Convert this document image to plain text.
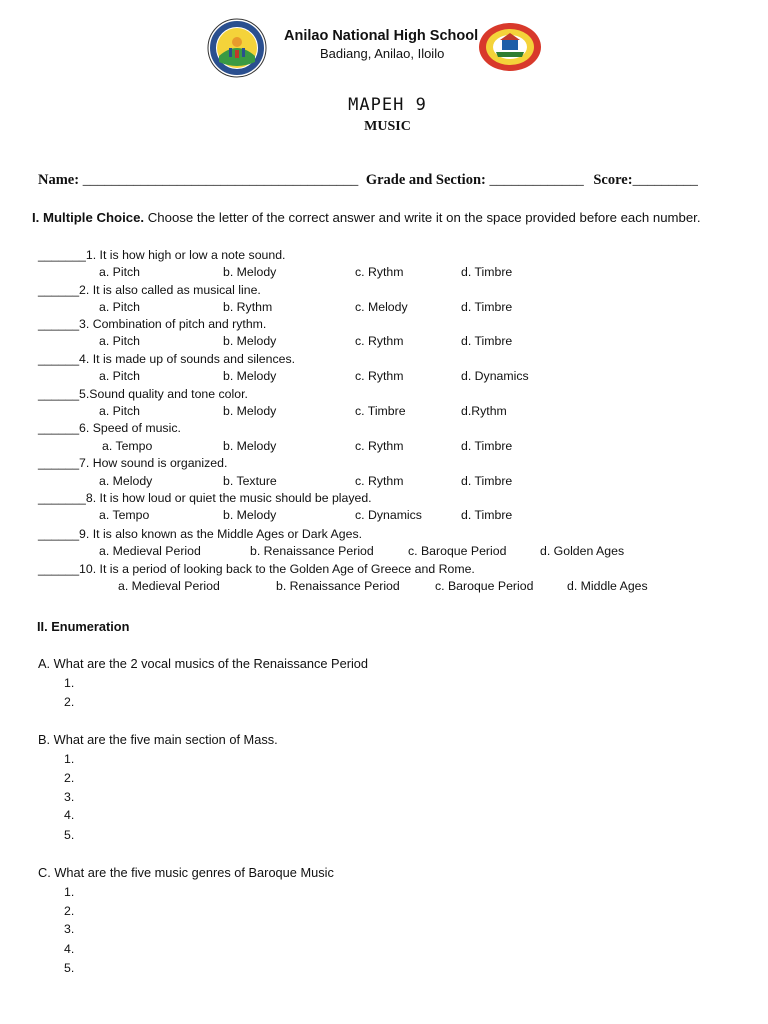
Anilao National High School
Badiang, Anilao, Iloilo
MAPEH 9
MUSIC
Name: ______________________________________ Grade and Section: _____________ Score:_________
I. Multiple Choice. Choose the letter of the correct answer and write it on the space provided before each number.
_______1. It is how high or low a note sound.
a. Pitch	b. Melody	c. Rythm	d. Timbre
______2. It is also called as musical line.
a. Pitch	b. Rythm	c. Melody	d. Timbre
______3. Combination of pitch and rythm.
a. Pitch	b. Melody	c. Rythm	d. Timbre
______4. It is made up of sounds and silences.
a. Pitch	b. Melody	c. Rythm	d. Dynamics
______5.Sound quality and tone color.
a. Pitch	b. Melody	c. Timbre	d.Rythm
______6. Speed of music.
a. Tempo	b. Melody	c. Rythm	d. Timbre
______7. How sound is organized.
a. Melody	b. Texture	c. Rythm	d. Timbre
_______8. It is how loud or quiet the music should be played.
a. Tempo	b. Melody	c. Dynamics	d. Timbre
______9. It is also known as the Middle Ages or Dark Ages.
a. Medieval Period	b. Renaissance Period	c. Baroque Period	d. Golden Ages
______10. It is a period of looking back to the Golden Age of Greece and Rome.
a. Medieval Period	b. Renaissance Period	c. Baroque Period	d. Middle Ages
II. Enumeration
A. What are the 2 vocal musics of the Renaissance Period
1.
2.
B. What are the five main section of Mass.
1.
2.
3.
4.
5.
C. What are the five music genres of Baroque Music
1.
2.
3.
4.
5.
